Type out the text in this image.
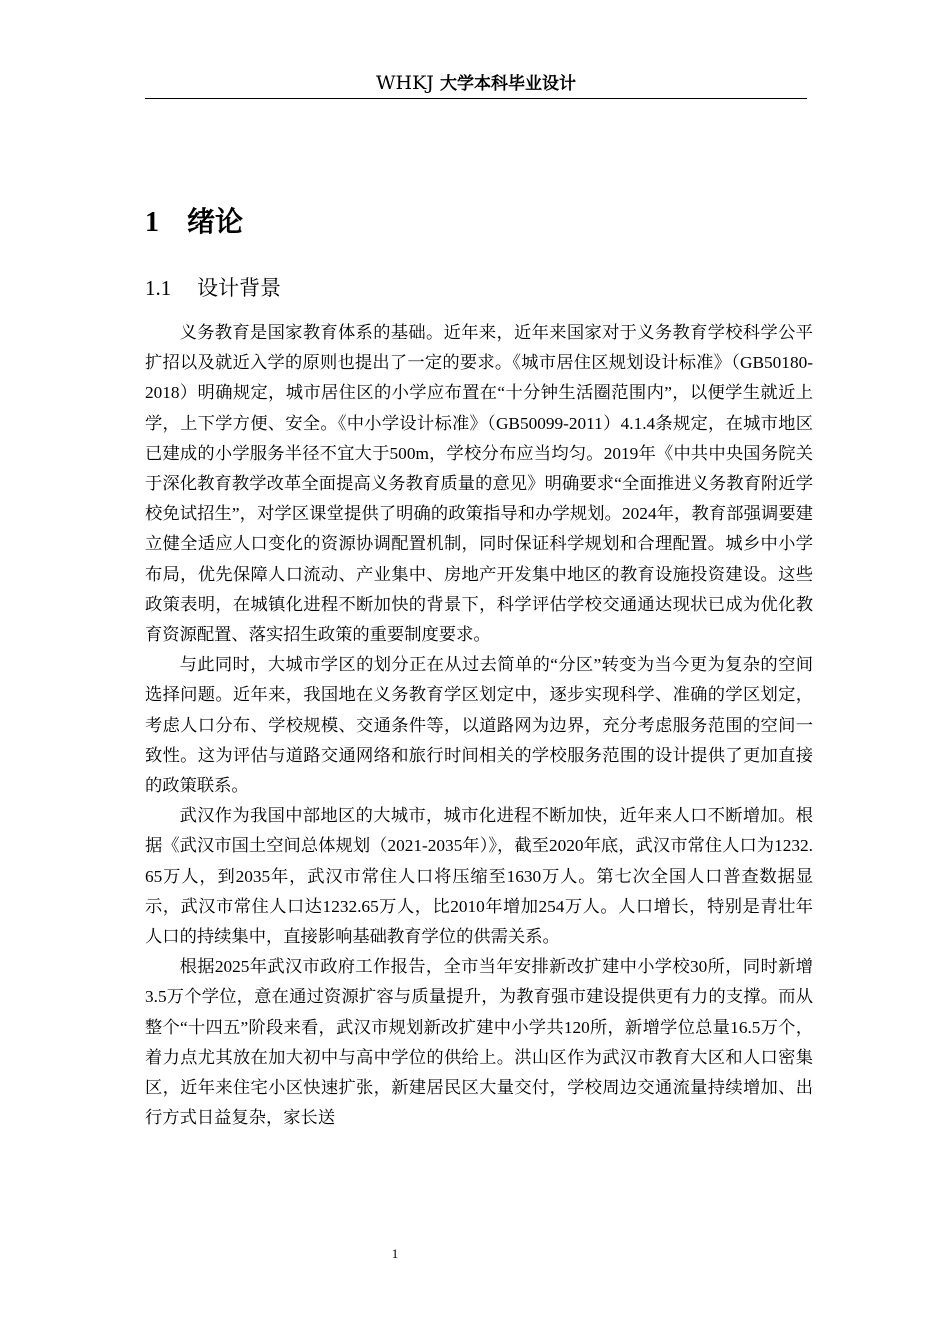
WHKJ 大学本科毕业设计
1 绪论
1.1 设计背景

义务教育是国家教育体系的基础。近年来，近年来国家对于义务教育学校科学公平扩招以及就近入学的原则也提出了一定的要求。《城市居住区规划设计标准》（GB50180-2018）明确规定，城市居住区的小学应布置在“十分钟生活圈范围内”，以便学生就近上学，上下学方便、安全。《中小学设计标准》（GB50099-2011）4.1.4条规定，在城市地区已建成的小学服务半径不宜大于500m，学校分布应当均匀。2019年《中共中央国务院关于深化教育教学改革全面提高义务教育质量的意见》明确要求“全面推进义务教育附近学校免试招生”，对学区课堂提供了明确的政策指导和办学规划。2024年，教育部强调要建立健全适应人口变化的资源协调配置机制，同时保证科学规划和合理配置。城乡中小学布局，优先保障人口流动、产业集中、房地产开发集中地区的教育设施投资建设。这些政策表明，在城镇化进程不断加快的背景下，科学评估学校交通通达现状已成为优化教育资源配置、落实招生政策的重要制度要求。

与此同时，大城市学区的划分正在从过去简单的“分区”转变为当今更为复杂的空间选择问题。近年来，我国地在义务教育学区划定中，逐步实现科学、准确的学区划定，考虑人口分布、学校规模、交通条件等，以道路网为边界，充分考虑服务范围的空间一致性。这为评估与道路交通网络和旅行时间相关的学校服务范围的设计提供了更加直接的政策联系。

武汉作为我国中部地区的大城市，城市化进程不断加快，近年来人口不断增加。根据《武汉市国土空间总体规划（2021-2035年）》，截至2020年底，武汉市常住人口为1232.65万人，到2035年，武汉市常住人口将压缩至1630万人。第七次全国人口普查数据显示，武汉市常住人口达1232.65万人，比2010年增加254万人。人口增长，特别是青壮年人口的持续集中，直接影响基础教育学位的供需关系。

根据2025年武汉市政府工作报告，全市当年安排新改扩建中小学校30所，同时新增3.5万个学位，意在通过资源扩容与质量提升，为教育强市建设提供更有力的支撑。而从整个“十四五”阶段来看，武汉市规划新改扩建中小学共120所，新增学位总量16.5万个，着力点尤其放在加大初中与高中学位的供给上。洪山区作为武汉市教育大区和人口密集区，近年来住宅小区快速扩张，新建居民区大量交付，学校周边交通流量持续增加、出行方式日益复杂，家长送

1
